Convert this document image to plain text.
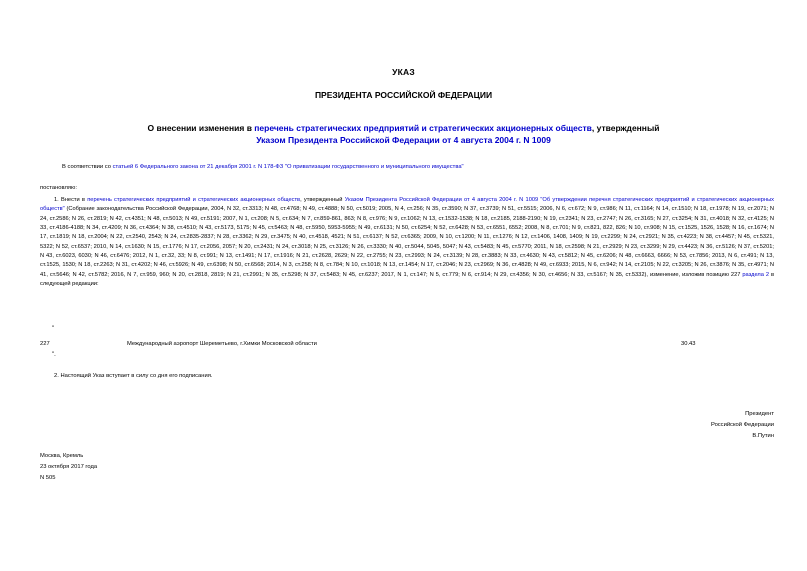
УКАЗ
ПРЕЗИДЕНТА РОССИЙСКОЙ ФЕДЕРАЦИИ
О внесении изменения в перечень стратегических предприятий и стратегических акционерных обществ, утвержденный
Указом Президента Российской Федерации от 4 августа 2004 г. N 1009
В соответствии со статьей 6 Федерального закона от 21 декабря 2001 г. N 178-ФЗ "О приватизации государственного и муниципального имущества"
постановляю:
1. Внести в перечень стратегических предприятий и стратегических акционерных обществ, утвержденный Указом Президента Российской Федерации от 4 августа 2004 г. N 1009 "Об утверждении перечня стратегических предприятий и стратегических акционерных обществ" (Собрание законодательства Российской Федерации, 2004, N 32, ст.3313; N 48, ст.4768; N 49, ст.4888; N 50, ст.5019; 2005, N 4, ст.256; N 35, ст.3590; N 37, ст.3739; N 51, ст.5515; 2006, N 6, ст.672; N 9, ст.986; N 11, ст.1164; N 14, ст.1510; N 18, ст.1978; N 19, ст.2071; N 24, ст.2586; N 26, ст.2819; N 42, ст.4351; N 48, ст.5013; N 49, ст.5191; 2007, N 1, ст.208; N 5, ст.634; N 7, ст.859-861, 863; N 8, ст.976; N 9, ст.1062; N 13, ст.1532-1538; N 18, ст.2185, 2188-2190; N 19, ст.2341; N 23, ст.2747; N 26, ст.3165; N 27, ст.3254; N 31, ст.4018; N 32, ст.4125; N 33, ст.4186-4188; N 34, ст.4209; N 36, ст.4364; N 38, ст.4510; N 43, ст.5173, 5175; N 45, ст.5463; N 48, ст.5950, 5953-5955; N 49, ст.6131; N 50, ст.6254; N 52, ст.6428; N 53, ст.6551, 6552; 2008, N 8, ст.701; N 9, ст.821, 822, 826; N 10, ст.908; N 15, ст.1525, 1526, 1528; N 16, ст.1674; N 17, ст.1819; N 18, ст.2004; N 22, ст.2540, 2543; N 24, ст.2835-2837; N 28, ст.3362; N 29, ст.3475; N 40, ст.4518, 4521; N 51, ст.6137; N 52, ст.6365; 2009, N 10, ст.1200; N 11, ст.1276; N 12, ст.1406, 1408, 1409; N 19, ст.2299; N 24, ст.2921; N 35, ст.4223; N 38, ст.4457; N 45, ст.5321, 5322; N 52, ст.6537; 2010, N 14, ст.1630; N 15, ст.1776; N 17, ст.2056, 2057; N 20, ст.2431; N 24, ст.3018; N 25, ст.3126; N 26, ст.3330; N 40, ст.5044, 5045, 5047; N 43, ст.5483; N 45, ст.5770; 2011, N 18, ст.2598; N 21, ст.2929; N 23, ст.3299; N 29, ст.4423; N 36, ст.5126; N 37, ст.5201; N 43, ст.6023, 6030; N 46, ст.6476; 2012, N 1, ст.32, 33; N 8, ст.991; N 13, ст.1491; N 17, ст.1916; N 21, ст.2628, 2629; N 22, ст.2755; N 23, ст.2993; N 24, ст.3139; N 28, ст.3883; N 33, ст.4630; N 43, ст.5812; N 45, ст.6206; N 48, ст.6663, 6666; N 53, ст.7856; 2013, N 6, ст.491; N 13, ст.1525, 1530; N 18, ст.2263; N 31, ст.4202; N 46, ст.5926; N 49, ст.6398; N 50, ст.6568; 2014, N 3, ст.258; N 8, ст.784; N 10, ст.1018; N 13, ст.1454; N 17, ст.2046; N 23, ст.2969; N 36, ст.4828; N 49, ст.6933; 2015, N 6, ст.942; N 14, ст.2105; N 22, ст.3205; N 26, ст.3876; N 35, ст.4971; N 41, ст.5646; N 42, ст.5782; 2016, N 7, ст.959, 960; N 20, ст.2818, 2819; N 21, ст.2991; N 35, ст.5298; N 37, ст.5483; N 45, ст.6237; 2017, N 1, ст.147; N 5, ст.779; N 6, ст.914; N 29, ст.4356; N 30, ст.4656; N 33, ст.5167; N 35, ст.5332), изменение, изложив позицию 227 раздела 2 в следующей редакции:
"
227	Международный аэропорт Шереметьево, г.Химки Московской области	30.43
".
2. Настоящий Указ вступает в силу со дня его подписания.
Президент
Российской Федерации
В.Путин
Москва, Кремль
23 октября 2017 года
N 505
